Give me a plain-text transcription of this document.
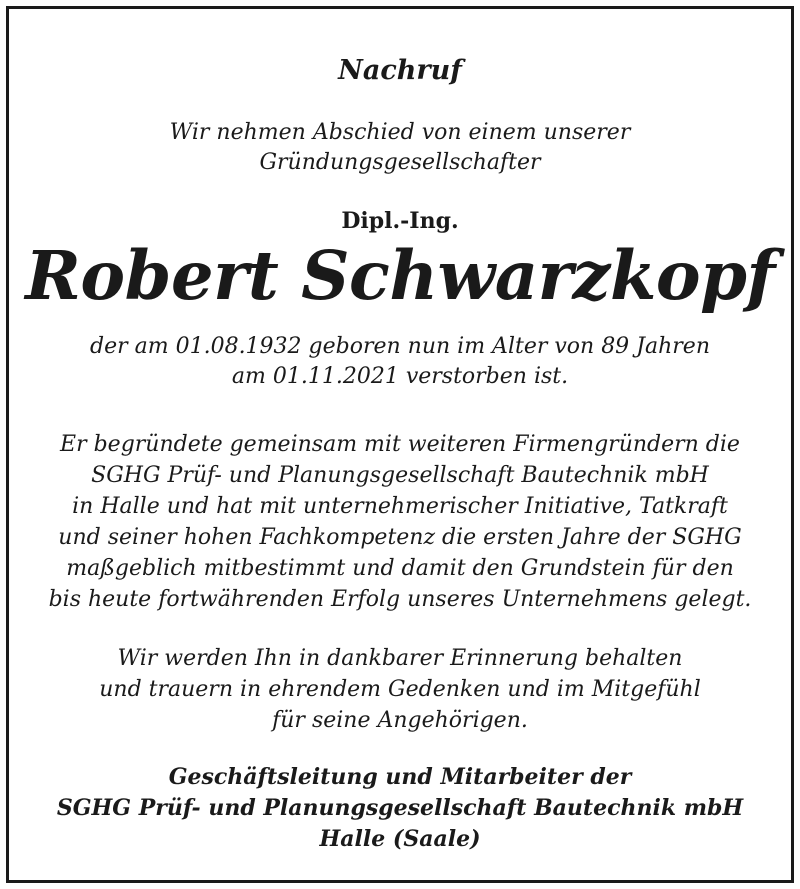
Nachruf
Wir nehmen Abschied von einem unserer
Gründungsgesellschafter
Dipl.-Ing.
Robert Schwarzkopf
der am 01.08.1932 geboren nun im Alter von 89 Jahren
am 01.11.2021 verstorben ist.
Er begründete gemeinsam mit weiteren Firmengründern die
SGHG Prüf- und Planungsgesellschaft Bautechnik mbH
in Halle und hat mit unternehmerischer Initiative, Tatkraft
und seiner hohen Fachkompetenz die ersten Jahre der SGHG
maßgeblich mitbestimmt und damit den Grundstein für den
bis heute fortwährenden Erfolg unseres Unternehmens gelegt.
Wir werden Ihn in dankbarer Erinnerung behalten
und trauern in ehrendem Gedenken und im Mitgefühl
für seine Angehörigen.
Geschäftsleitung und Mitarbeiter der
SGHG Prüf- und Planungsgesellschaft Bautechnik mbH
Halle (Saale)
